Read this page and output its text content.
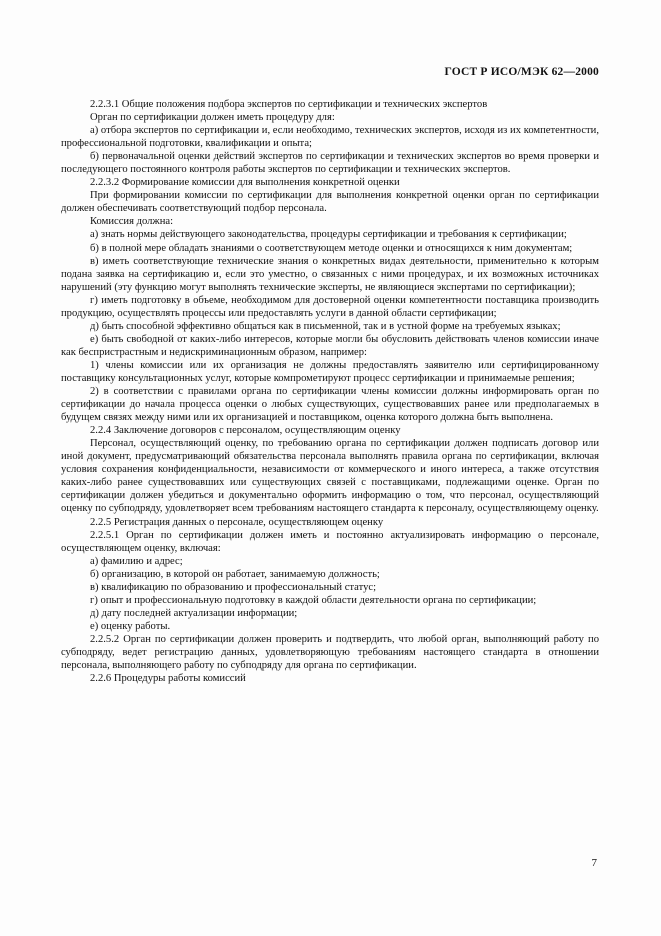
ГОСТ Р ИСО/МЭК 62—2000

2.2.3.1 Общие положения подбора экспертов по сертификации и технических экспертов

Орган по сертификации должен иметь процедуру для:

а) отбора экспертов по сертификации и, если необходимо, технических экспертов, исходя из их компетентности, профессиональной подготовки, квалификации и опыта;

б) первоначальной оценки действий экспертов по сертификации и технических экспертов во время проверки и последующего постоянного контроля работы экспертов по сертификации и технических экспертов.

2.2.3.2 Формирование комиссии для выполнения конкретной оценки

При формировании комиссии по сертификации для выполнения конкретной оценки орган по сертификации должен обеспечивать соответствующий подбор персонала.

Комиссия должна:

а) знать нормы действующего законодательства, процедуры сертификации и требования к сертификации;

б) в полной мере обладать знаниями о соответствующем методе оценки и относящихся к ним документам;

в) иметь соответствующие технические знания о конкретных видах деятельности, применительно к которым подана заявка на сертификацию и, если это уместно, о связанных с ними процедурах, и их возможных источниках нарушений (эту функцию могут выполнять технические эксперты, не являющиеся экспертами по сертификации);

г) иметь подготовку в объеме, необходимом для достоверной оценки компетентности поставщика производить продукцию, осуществлять процессы или предоставлять услуги в данной области сертификации;

д) быть способной эффективно общаться как в письменной, так и в устной форме на требуемых языках;

е) быть свободной от каких-либо интересов, которые могли бы обусловить действовать членов комиссии иначе как беспристрастным и недискриминационным образом, например:

1) члены комиссии или их организация не должны предоставлять заявителю или сертифицированному поставщику консультационных услуг, которые компрометируют процесс сертификации и принимаемые решения;

2) в соответствии с правилами органа по сертификации члены комиссии должны информировать орган по сертификации до начала процесса оценки о любых существующих, существовавших ранее или предполагаемых в будущем связях между ними или их организацией и поставщиком, оценка которого должна быть выполнена.

2.2.4 Заключение договоров с персоналом, осуществляющим оценку

Персонал, осуществляющий оценку, по требованию органа по сертификации должен подписать договор или иной документ, предусматривающий обязательства персонала выполнять правила органа по сертификации, включая условия сохранения конфиденциальности, независимости от коммерческого и иного интереса, а также отсутствия каких-либо ранее существовавших или существующих связей с поставщиками, подлежащими оценке. Орган по сертификации должен убедиться и документально оформить информацию о том, что персонал, осуществляющий оценку по субподряду, удовлетворяет всем требованиям настоящего стандарта к персоналу, осуществляющему оценку.

2.2.5 Регистрация данных о персонале, осуществляющем оценку

2.2.5.1 Орган по сертификации должен иметь и постоянно актуализировать информацию о персонале, осуществляющем оценку, включая:

а) фамилию и адрес;

б) организацию, в которой он работает, занимаемую должность;

в) квалификацию по образованию и профессиональный статус;

г) опыт и профессиональную подготовку в каждой области деятельности органа по сертификации;

д) дату последней актуализации информации;

е) оценку работы.

2.2.5.2 Орган по сертификации должен проверить и подтвердить, что любой орган, выполняющий работу по субподряду, ведет регистрацию данных, удовлетворяющую требованиям настоящего стандарта в отношении персонала, выполняющего работу по субподряду для органа по сертификации.

2.2.6 Процедуры работы комиссий

7
